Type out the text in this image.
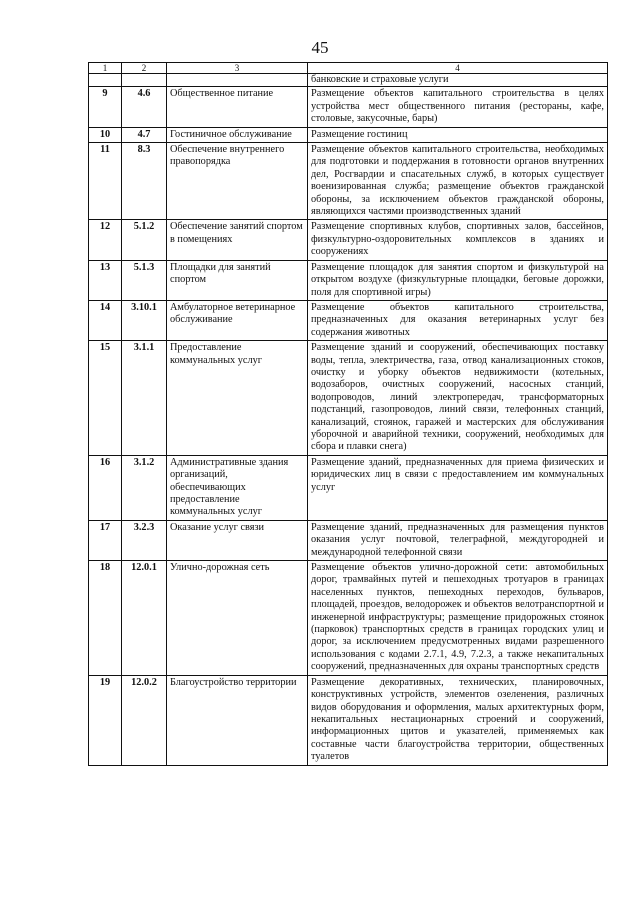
45
1	2	3	4
			банковские и страховые услуги
9	4.6	Общественное питание	Размещение объектов капитального строительства в целях устройства мест общественного питания (рестораны, кафе, столовые, закусочные, бары)
10	4.7	Гостиничное обслуживание	Размещение гостиниц
11	8.3	Обеспечение внутреннего правопорядка	Размещение объектов капитального строительства, необходимых для подготовки и поддержания в готовности органов внутренних дел, Росгвардии и спасательных служб, в которых существует военизированная служба; размещение объектов гражданской обороны, за исключением объектов гражданской обороны, являющихся частями производственных зданий
12	5.1.2	Обеспечение занятий спортом в помещениях	Размещение спортивных клубов, спортивных залов, бассейнов, физкультурно-оздоровительных комплексов в зданиях и сооружениях
13	5.1.3	Площадки для занятий спортом	Размещение площадок для занятия спортом и физкультурой на открытом воздухе (физкультурные площадки, беговые дорожки, поля для спортивной игры)
14	3.10.1	Амбулаторное ветеринарное обслуживание	Размещение объектов капитального строительства, предназначенных для оказания ветеринарных услуг без содержания животных
15	3.1.1	Предоставление коммунальных услуг	Размещение зданий и сооружений, обеспечивающих поставку воды, тепла, электричества, газа, отвод канализационных стоков, очистку и уборку объектов недвижимости (котельных, водозаборов, очистных сооружений, насосных станций, водопроводов, линий электропередач, трансформаторных подстанций, газопроводов, линий связи, телефонных станций, канализаций, стоянок, гаражей и мастерских для обслуживания уборочной и аварийной техники, сооружений, необходимых для сбора и плавки снега)
16	3.1.2	Административные здания организаций, обеспечивающих предоставление коммунальных услуг	Размещение зданий, предназначенных для приема физических и юридических лиц в связи с предоставлением им коммунальных услуг
17	3.2.3	Оказание услуг связи	Размещение зданий, предназначенных для размещения пунктов оказания услуг почтовой, телеграфной, междугородней и международной телефонной связи
18	12.0.1	Улично-дорожная сеть	Размещение объектов улично-дорожной сети: автомобильных дорог, трамвайных путей и пешеходных тротуаров в границах населенных пунктов, пешеходных переходов, бульваров, площадей, проездов, велодорожек и объектов велотранспортной и инженерной инфраструктуры; размещение придорожных стоянок (парковок) транспортных средств в границах городских улиц и дорог, за исключением предусмотренных видами разрешенного использования с кодами 2.7.1, 4.9, 7.2.3, а также некапитальных сооружений, предназначенных для охраны транспортных средств
19	12.0.2	Благоустройство территории	Размещение декоративных, технических, планировочных, конструктивных устройств, элементов озеленения, различных видов оборудования и оформления, малых архитектурных форм, некапитальных нестационарных строений и сооружений, информационных щитов и указателей, применяемых как составные части благоустройства территории, общественных туалетов
